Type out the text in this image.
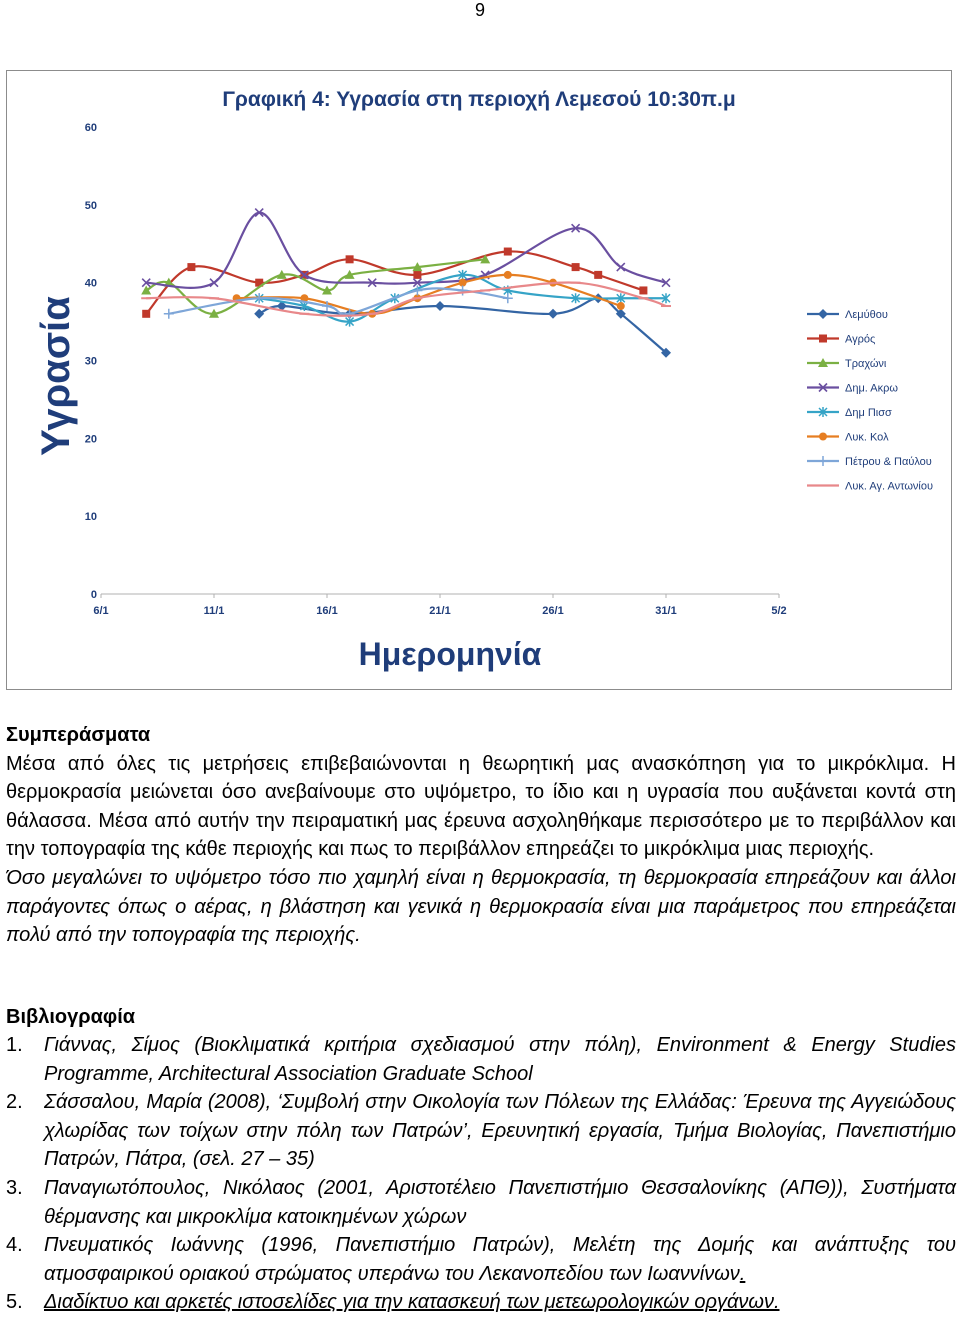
9
Γραφική 4: Υγρασία στη περιοχή Λεμεσού 10:30π.μ
0
10
20
30
40
50
60
6/1	11/1	16/1	21/1	26/1	31/1	5/2
Λεμύθου
Αγρός
Τραχώνι
Δημ. Ακρω
Δημ Πισσ
Λυκ. Κολ
Πέτρου & Παύλου
Λυκ. Αγ. Αντωνίου
Ημερομηνία
Υγρασία
Συμπεράσματα
Μέσα από όλες τις μετρήσεις επιβεβαιώνονται η θεωρητική μας ανασκόπηση για το μικρόκλιμα. Η θερμοκρασία μειώνεται όσο ανεβαίνουμε στο υψόμετρο, το ίδιο και η υγρασία που αυξάνεται κοντά στη θάλασσα. Μέσα από αυτήν την πειραματική μας έρευνα ασχοληθήκαμε περισσότερο με το περιβάλλον και την τοπογραφία της κάθε περιοχής και πως το περιβάλλον επηρεάζει το μικρόκλιμα μιας περιοχής.
Όσο μεγαλώνει το υψόμετρο τόσο πιο χαμηλή είναι η θερμοκρασία, τη θερμοκρασία επηρεάζουν και άλλοι παράγοντες όπως ο αέρας, η βλάστηση και γενικά η θερμοκρασία είναι μια παράμετρος που επηρεάζεται πολύ από την τοπογραφία της περιοχής.
Βιβλιογραφία
1.	Γιάννας, Σίμος (Βιοκλιματικά κριτήρια σχεδιασμού στην πόλη), Environment & Energy Studies Programme, Architectural Association Graduate School
2.	Σάσσαλου, Μαρία (2008), ‘Συμβολή στην Οικολογία των Πόλεων της Ελλάδας: Έρευνα της Αγγειώδους χλωρίδας των τοίχων στην πόλη των Πατρών’, Ερευνητική εργασία, Τμήμα Βιολογίας, Πανεπιστήμιο Πατρών, Πάτρα, (σελ. 27 – 35)
3.	Παναγιωτόπουλος, Νικόλαος (2001, Αριστοτέλειο Πανεπιστήμιο Θεσσαλονίκης (ΑΠΘ)), Συστήματα θέρμανσης και μικροκλίμα κατοικημένων χώρων
4.	Πνευματικός Ιωάννης (1996, Πανεπιστήμιο Πατρών), Μελέτη της Δομής και ανάπτυξης του ατμοσφαιρικού οριακού στρώματος υπεράνω του Λεκανοπεδίου των Ιωαννίνων.
5.	Διαδίκτυο και αρκετές ιστοσελίδες για την κατασκευή των μετεωρολογικών οργάνων.
